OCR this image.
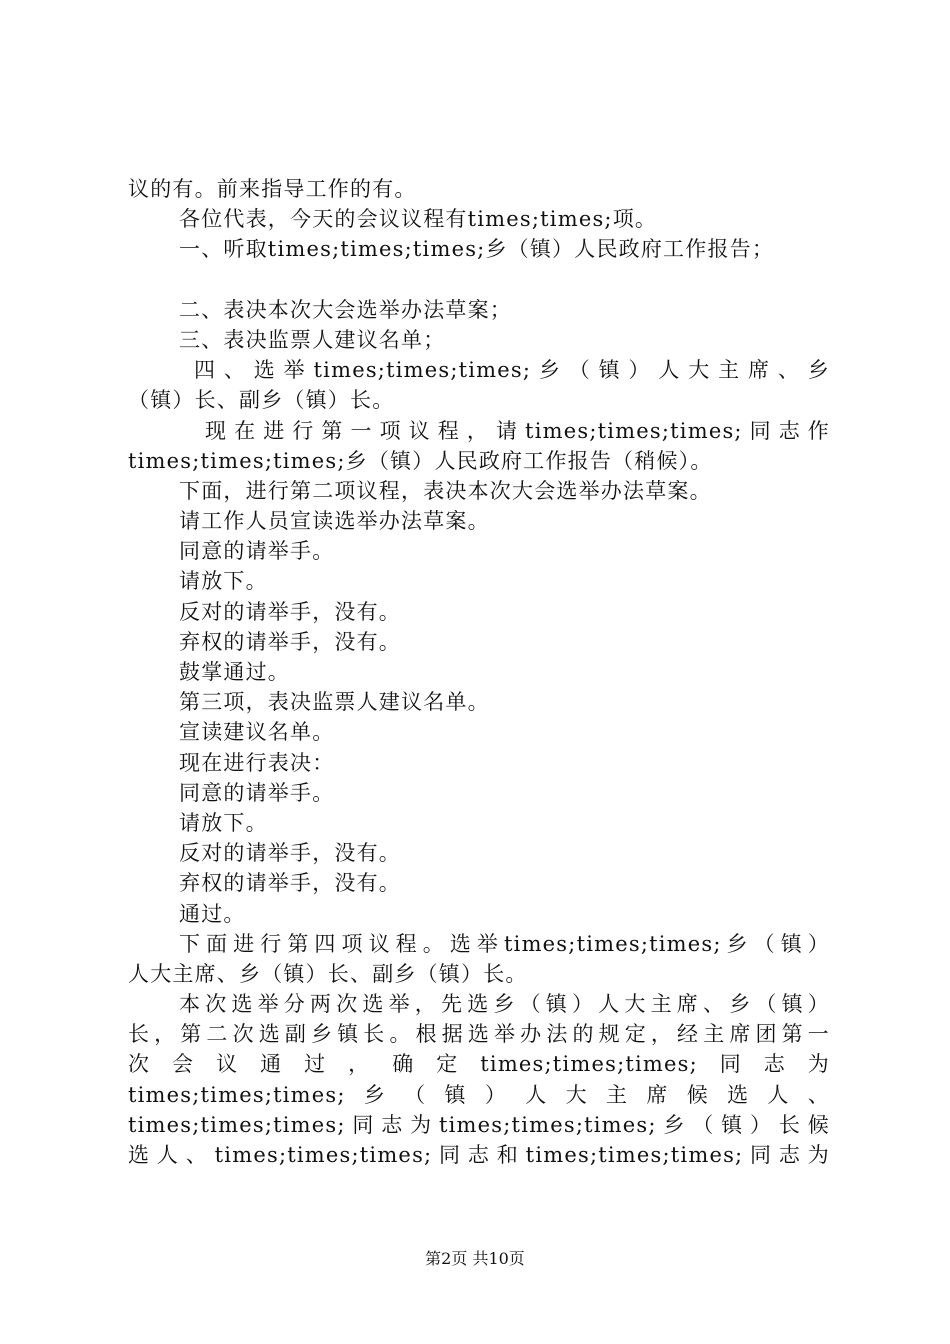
议的有。前来指导工作的有。
各位代表，今天的会议议程有times;times;项。
一、听取times;times;times;乡（镇）人民政府工作报告；
二、表决本次大会选举办法草案；
三、表决监票人建议名单；
四、选举times;times;times;乡（镇）人大主席、乡
（镇）长、副乡（镇）长。
现在进行第一项议程，请times;times;times;同志作
times;times;times;乡（镇）人民政府工作报告（稍候）。
下面，进行第二项议程，表决本次大会选举办法草案。
请工作人员宣读选举办法草案。
同意的请举手。
请放下。
反对的请举手，没有。
弃权的请举手，没有。
鼓掌通过。
第三项，表决监票人建议名单。
宣读建议名单。
现在进行表决：
同意的请举手。
请放下。
反对的请举手，没有。
弃权的请举手，没有。
通过。
下面进行第四项议程。选举times;times;times;乡（镇）
人大主席、乡（镇）长、副乡（镇）长。
本次选举分两次选举，先选乡（镇）人大主席、乡（镇）
长，第二次选副乡镇长。根据选举办法的规定，经主席团第一
次会议通过，确定times;times;times;同志为
times;times;times;乡（镇）人大主席候选人、
times;times;times;同志为times;times;times;乡（镇）长候
选人、times;times;times;同志和times;times;times;同志为
第2页 共10页
